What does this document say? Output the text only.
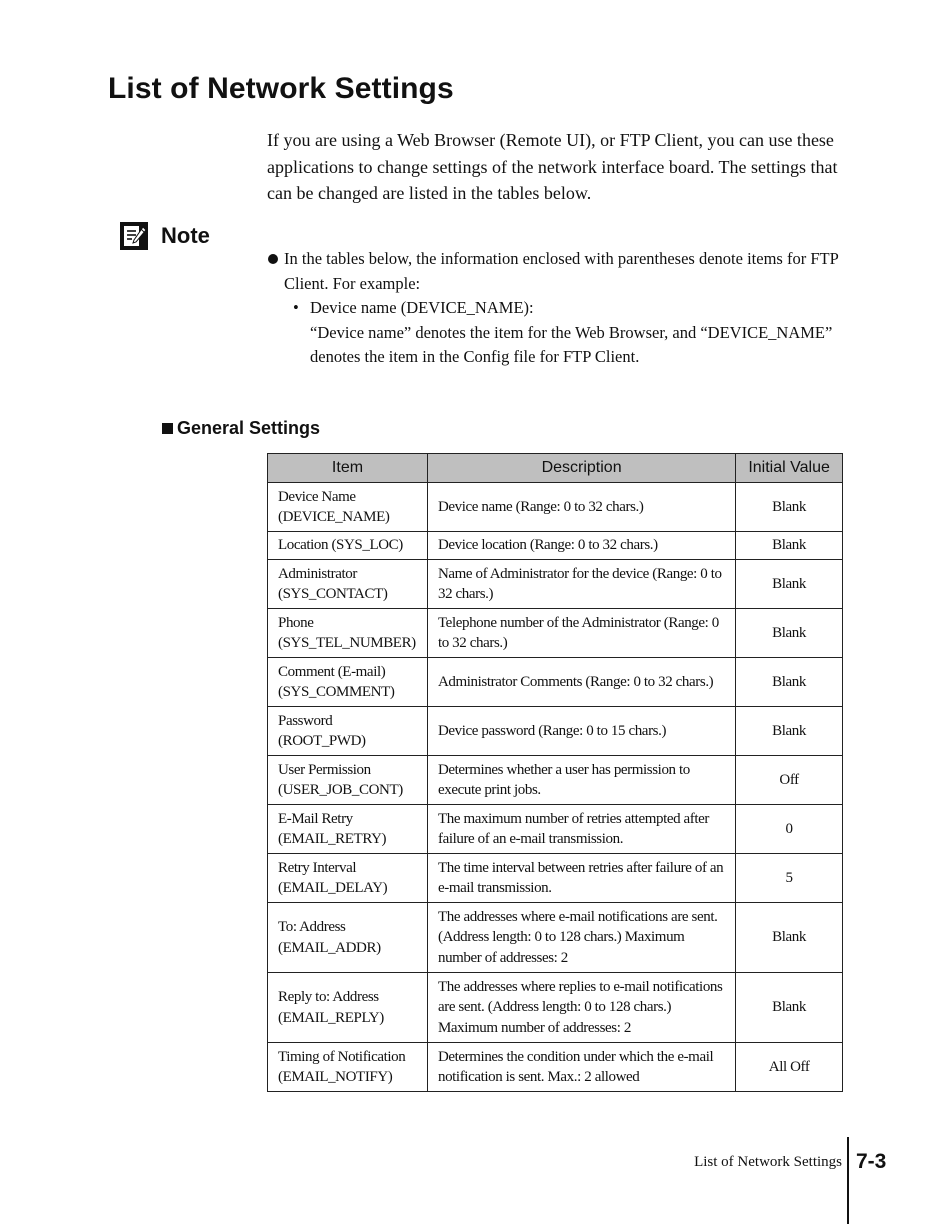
List of Network Settings

If you are using a Web Browser (Remote UI), or FTP Client, you can use these applications to change settings of the network interface board. The settings that can be changed are listed in the tables below.

Note
In the tables below, the information enclosed with parentheses denote items for FTP Client. For example:
• Device name (DEVICE_NAME):
“Device name” denotes the item for the Web Browser, and “DEVICE_NAME” denotes the item in the Config file for FTP Client.
General Settings
Item	Description	Initial Value
Device Name (DEVICE_NAME)	Device name (Range: 0 to 32 chars.)	Blank
Location (SYS_LOC)	Device location (Range: 0 to 32 chars.)	Blank
Administrator (SYS_CONTACT)	Name of Administrator for the device (Range: 0 to 32 chars.)	Blank
Phone (SYS_TEL_NUMBER)	Telephone number of the Administrator (Range: 0 to 32 chars.)	Blank
Comment (E-mail) (SYS_COMMENT)	Administrator Comments (Range: 0 to 32 chars.)	Blank
Password (ROOT_PWD)	Device password (Range: 0 to 15 chars.)	Blank
User Permission (USER_JOB_CONT)	Determines whether a user has permission to execute print jobs.	Off
E-Mail Retry (EMAIL_RETRY)	The maximum number of retries attempted after failure of an e-mail transmission.	0
Retry Interval (EMAIL_DELAY)	The time interval between retries after failure of an e-mail transmission.	5
To: Address (EMAIL_ADDR)	The addresses where e-mail notifications are sent. (Address length: 0 to 128 chars.) Maximum number of addresses: 2	Blank
Reply to: Address (EMAIL_REPLY)	The addresses where replies to e-mail notifications are sent. (Address length: 0 to 128 chars.) Maximum number of addresses: 2	Blank
Timing of Notification (EMAIL_NOTIFY)	Determines the condition under which the e-mail notification is sent. Max.: 2 allowed	All Off
List of Network Settings 7-3
